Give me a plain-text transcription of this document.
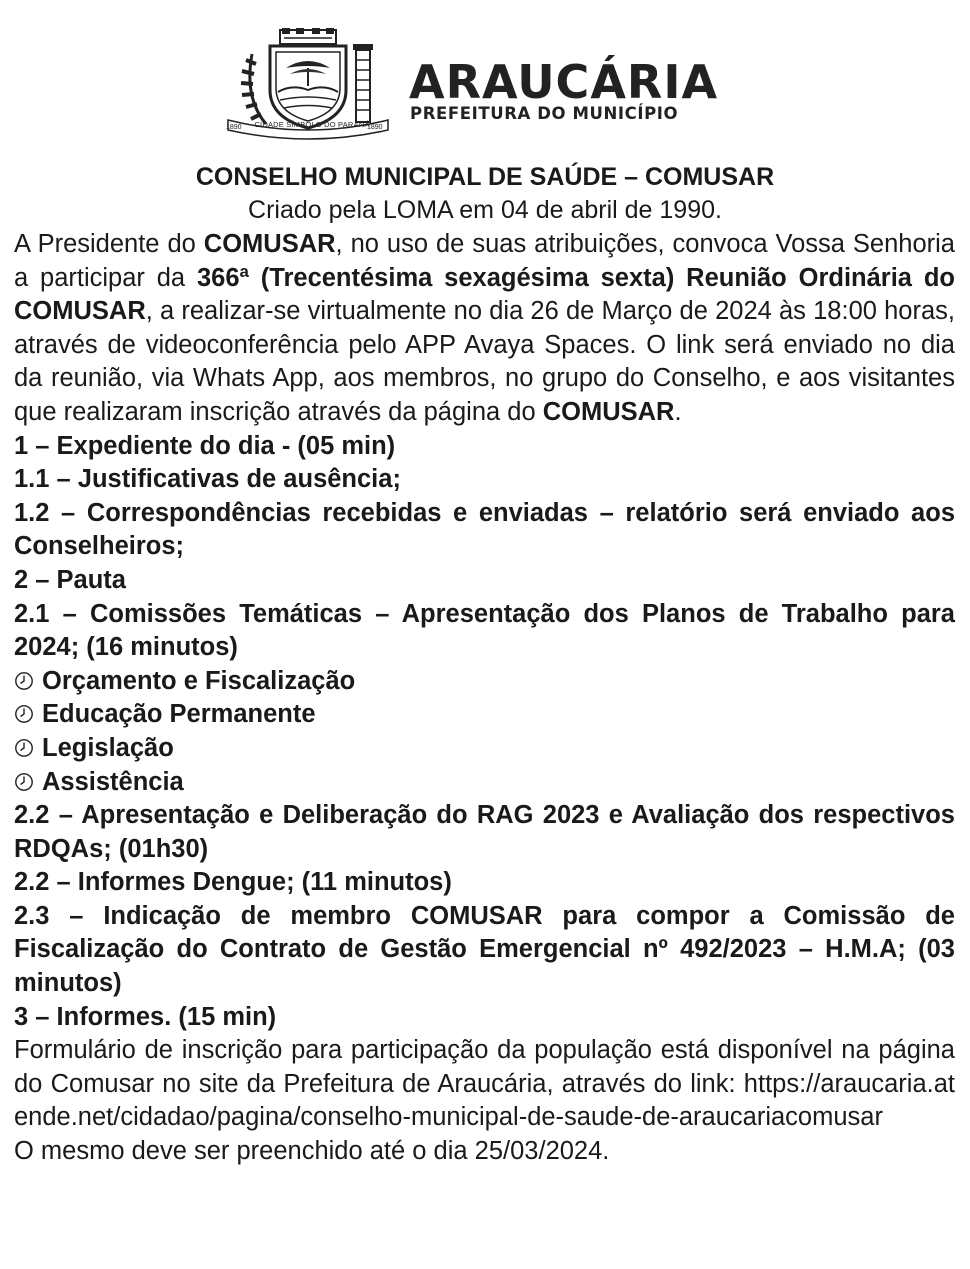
CIDADE SÍMBOLO DO PARANÁ
1890	1890
ARAUCÁRIA
PREFEITURA DO MUNICÍPIO
CONSELHO MUNICIPAL DE SAÚDE – COMUSAR
Criado pela LOMA em 04 de abril de 1990.

A Presidente do COMUSAR, no uso de suas atribuições, convoca Vossa Senhoria a participar da 366ª (Trecentésima sexagésima sexta) Reunião Ordinária do COMUSAR, a realizar-se virtualmente no dia 26 de Março de 2024 às 18:00 horas, através de videoconferência pelo APP Avaya Spaces. O link será enviado no dia da reunião, via Whats App, aos membros, no grupo do Conselho, e aos visitantes que realizaram inscrição através da página do COMUSAR.

1 – Expediente do dia - (05 min)

1.1 – Justificativas de ausência;

1.2 – Correspondências recebidas e enviadas – relatório será enviado aos Conselheiros;

2 – Pauta

2.1 – Comissões Temáticas – Apresentação dos Planos de Trabalho para 2024; (16 minutos)

Orçamento e Fiscalização

Educação Permanente

Legislação

Assistência

2.2 – Apresentação e Deliberação do RAG 2023 e Avaliação dos respectivos RDQAs; (01h30)

2.2 – Informes Dengue; (11 minutos)

2.3 – Indicação de membro COMUSAR para compor a Comissão de Fiscalização do Contrato de Gestão Emergencial nº 492/2023 – H.M.A; (03 minutos)

3 – Informes. (15 min)

Formulário de inscrição para participação da população está disponível na página do Comusar no site da Prefeitura de Araucária, através do link: https://araucaria.atende.net/cidadao/pagina/conselho-municipal-de-saude-de-araucariacomusar

O mesmo deve ser preenchido até o dia 25/03/2024.
